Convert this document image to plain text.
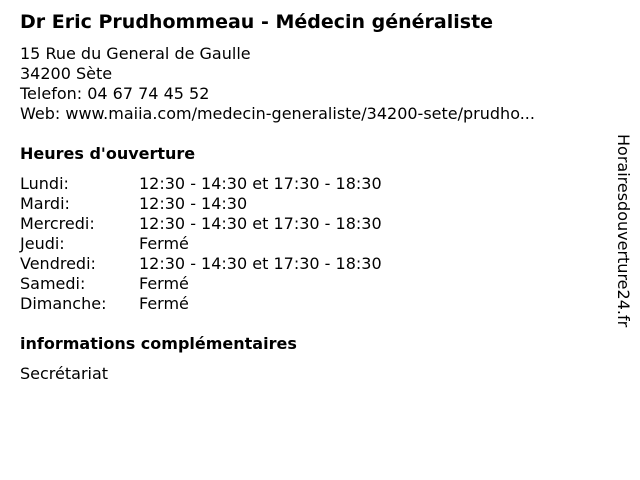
Dr Eric Prudhommeau - Médecin généraliste
15 Rue du General de Gaulle
34200 Sète
Telefon: 04 67 74 45 52
Web: www.maiia.com/medecin-generaliste/34200-sete/prudho...
Heures d'ouverture
Lundi:	12:30 - 14:30 et 17:30 - 18:30
Mardi:	12:30 - 14:30
Mercredi:	12:30 - 14:30 et 17:30 - 18:30
Jeudi:	Fermé
Vendredi:	12:30 - 14:30 et 17:30 - 18:30
Samedi:	Fermé
Dimanche: Fermé
informations complémentaires
Secrétariat
Horairesdouverture24.fr
